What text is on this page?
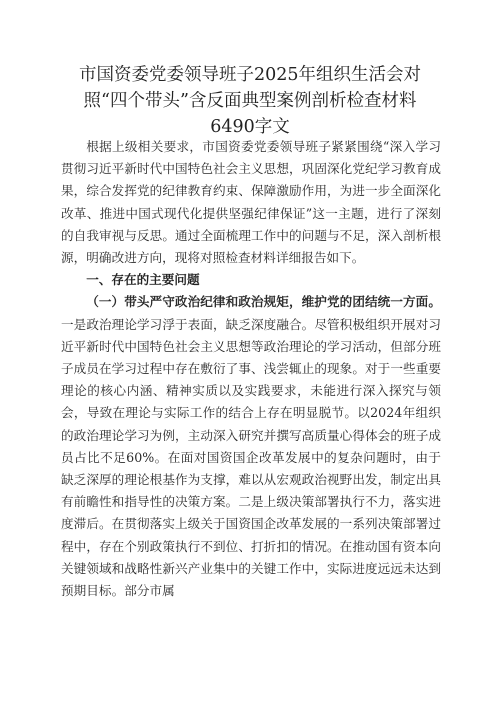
市国资委党委领导班子2025年组织生活会对照“四个带头”含反面典型案例剖析检查材料6490字文

根据上级相关要求，市国资委党委领导班子紧紧围绕“深入学习贯彻习近平新时代中国特色社会主义思想，巩固深化党纪学习教育成果，综合发挥党的纪律教育约束、保障激励作用，为进一步全面深化改革、推进中国式现代化提供坚强纪律保证”这一主题，进行了深刻的自我审视与反思。通过全面梳理工作中的问题与不足，深入剖析根源，明确改进方向，现将对照检查材料详细报告如下。

一、存在的主要问题

（一）带头严守政治纪律和政治规矩，维护党的团结统一方面。一是政治理论学习浮于表面，缺乏深度融合。尽管积极组织开展对习近平新时代中国特色社会主义思想等政治理论的学习活动，但部分班子成员在学习过程中存在敷衍了事、浅尝辄止的现象。对于一些重要理论的核心内涵、精神实质以及实践要求，未能进行深入探究与领会，导致在理论与实际工作的结合上存在明显脱节。以2024年组织的政治理论学习为例，主动深入研究并撰写高质量心得体会的班子成员占比不足60%。在面对国资国企改革发展中的复杂问题时，由于缺乏深厚的理论根基作为支撑，难以从宏观政治视野出发，制定出具有前瞻性和指导性的决策方案。二是上级决策部署执行不力，落实进度滞后。在贯彻落实上级关于国资国企改革发展的一系列决策部署过程中，存在个别政策执行不到位、打折扣的情况。在推动国有资本向关键领域和战略性新兴产业集中的关键工作中，实际进度远远未达到预期目标。部分市属
